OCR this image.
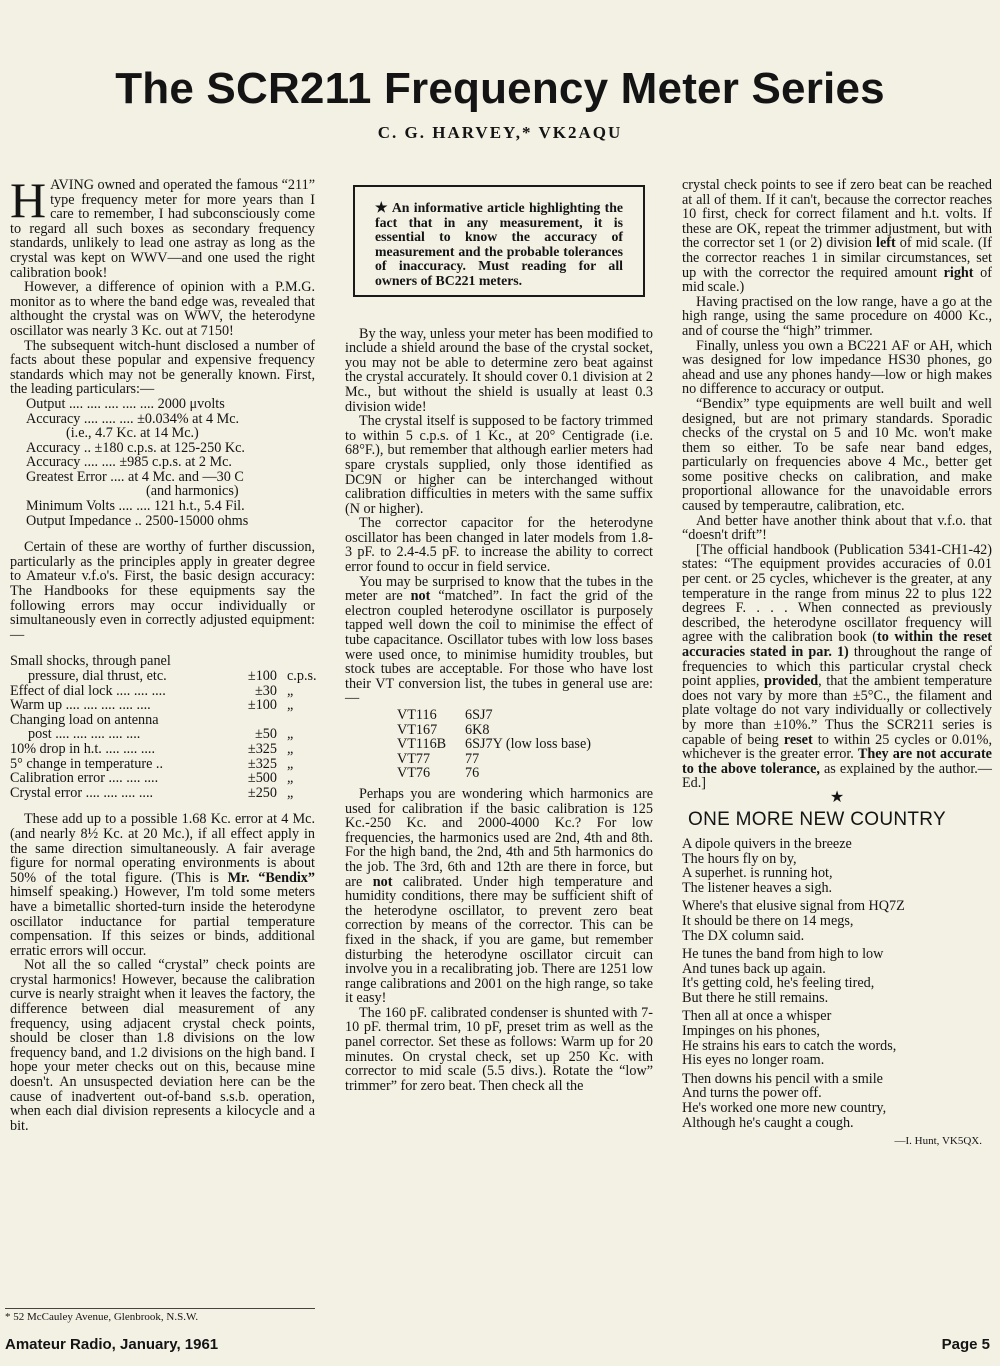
The SCR211 Frequency Meter Series
C. G. HARVEY,* VK2AQU

HAVING owned and operated the famous “211” type frequency meter for more years than I care to remember, I had subconsciously come to regard all such boxes as secondary frequency standards, unlikely to lead one astray as long as the crystal was kept on WWV—and one used the right calibration book!

However, a difference of opinion with a P.M.G. monitor as to where the band edge was, revealed that althought the crystal was on WWV, the heterodyne oscillator was nearly 3 Kc. out at 7150!

The subsequent witch-hunt disclosed a number of facts about these popular and expensive frequency standards which may not be generally known. First, the leading particulars:—

Output .... .... .... .... .... 2000 μvolts
Accuracy .... .... .... ±0.034% at 4 Mc.
(i.e., 4.7 Kc. at 14 Mc.)
Accuracy .. ±180 c.p.s. at 125-250 Kc.
Accuracy .... .... ±985 c.p.s. at 2 Mc.
Greatest Error .... at 4 Mc. and —30 C
(and harmonics)
Minimum Volts .... .... 121 h.t., 5.4 Fil.
Output Impedance .. 2500-15000 ohms

Certain of these are worthy of further discussion, particularly as the principles apply in greater degree to Amateur v.f.o's. First, the basic design accuracy: The Handbooks for these equipments say the following errors may occur individually or simultaneously even in correctly adjusted equipment:—

Small shocks, through panel
pressure, dial thrust, etc.	±100 c.p.s.
Effect of dial lock .... .... ....	±30 „
Warm up .... .... .... .... ....	±100 „
Changing load on antenna
post .... .... .... .... ....	±50 „
10% drop in h.t. .... .... ....	±325 „
5° change in temperature ..	±325 „
Calibration error .... .... ....	±500 „
Crystal error .... .... .... ....	±250 „

These add up to a possible 1.68 Kc. error at 4 Mc. (and nearly 8½ Kc. at 20 Mc.), if all effect apply in the same direction simultaneously. A fair average figure for normal operating environments is about 50% of the total figure. (This is Mr. “Bendix” himself speaking.) However, I'm told some meters have a bimetallic shorted-turn inside the heterodyne oscillator inductance for partial temperature compensation. If this seizes or binds, additional erratic errors will occur.

Not all the so called “crystal” check points are crystal harmonics! However, because the calibration curve is nearly straight when it leaves the factory, the difference between dial measurement of any frequency, using adjacent crystal check points, should be closer than 1.8 divisions on the low frequency band, and 1.2 divisions on the high band. I hope your meter checks out on this, because mine doesn't. An unsuspected deviation here can be the cause of inadvertent out-of-band s.s.b. operation, when each dial division represents a kilocycle and a bit.

* 52 McCauley Avenue, Glenbrook, N.S.W.
★ An informative article highlighting the fact that in any measurement, it is essential to know the accuracy of measurement and the probable tolerances of inaccuracy. Must reading for all owners of BC221 meters.

By the way, unless your meter has been modified to include a shield around the base of the crystal socket, you may not be able to determine zero beat against the crystal accurately. It should cover 0.1 division at 2 Mc., but without the shield is usually at least 0.3 division wide!

The crystal itself is supposed to be factory trimmed to within 5 c.p.s. of 1 Kc., at 20° Centigrade (i.e. 68°F.), but remember that although earlier meters had spare crystals supplied, only those identified as DC9N or higher can be interchanged without calibration difficulties in meters with the same suffix (N or higher).

The corrector capacitor for the heterodyne oscillator has been changed in later models from 1.8-3 pF. to 2.4-4.5 pF. to increase the ability to correct error found to occur in field service.

You may be surprised to know that the tubes in the meter are not “matched”. In fact the grid of the electron coupled heterodyne oscillator is purposely tapped well down the coil to minimise the effect of tube capacitance. Oscillator tubes with low loss bases were used once, to minimise humidity troubles, but stock tubes are acceptable. For those who have lost their VT conversion list, the tubes in general use are:—

VT116	6SJ7
VT167	6K8
VT116B	6SJ7Y (low loss base)
VT77	77
VT76	76

Perhaps you are wondering which harmonics are used for calibration if the basic calibration is 125 Kc.-250 Kc. and 2000-4000 Kc.? For low frequencies, the harmonics used are 2nd, 4th and 8th. For the high band, the 2nd, 4th and 5th harmonics do the job. The 3rd, 6th and 12th are there in force, but are not calibrated. Under high temperature and humidity conditions, there may be sufficient shift of the heterodyne oscillator, to prevent zero beat correction by means of the corrector. This can be fixed in the shack, if you are game, but remember disturbing the heterodyne oscillator circuit can involve you in a recalibrating job. There are 1251 low range calibrations and 2001 on the high range, so take it easy!

The 160 pF. calibrated condenser is shunted with 7-10 pF. thermal trim, 10 pF, preset trim as well as the panel corrector. Set these as follows: Warm up for 20 minutes. On crystal check, set up 250 Kc. with corrector to mid scale (5.5 divs.). Rotate the “low” trimmer” for zero beat. Then check all the

crystal check points to see if zero beat can be reached at all of them. If it can't, because the corrector reaches 10 first, check for correct filament and h.t. volts. If these are OK, repeat the trimmer adjustment, but with the corrector set 1 (or 2) division left of mid scale. (If the corrector reaches 1 in similar circumstances, set up with the corrector the required amount right of mid scale.)

Having practised on the low range, have a go at the high range, using the same procedure on 4000 Kc., and of course the “high” trimmer.

Finally, unless you own a BC221 AF or AH, which was designed for low impedance HS30 phones, go ahead and use any phones handy—low or high makes no difference to accuracy or output.

“Bendix” type equipments are well built and well designed, but are not primary standards. Sporadic checks of the crystal on 5 and 10 Mc. won't make them so either. To be safe near band edges, particularly on frequencies above 4 Mc., better get some positive checks on calibration, and make proportional allowance for the unavoidable errors caused by temperautre, calibration, etc.

And better have another think about that v.f.o. that “doesn't drift”!

[The official handbook (Publication 5341-CH1-42) states: “The equipment provides accuracies of 0.01 per cent. or 25 cycles, whichever is the greater, at any temperature in the range from minus 22 to plus 122 degrees F. . . . When connected as previously described, the heterodyne oscillator frequency will agree with the calibration book (to within the reset accuracies stated in par. 1) throughout the range of frequencies to which this particular crystal check point applies, provided, that the ambient temperature does not vary by more than ±5°C., the filament and plate voltage do not vary individually or collectively by more than ±10%.” Thus the SCR211 series is capable of being reset to within 25 cycles or 0.01%, whichever is the greater error. They are not accurate to the above tolerance, as explained by the author.—Ed.]

★
ONE MORE NEW COUNTRY
A dipole quivers in the breeze
The hours fly on by,
A superhet. is running hot,
The listener heaves a sigh.
Where's that elusive signal from HQ7Z
It should be there on 14 megs,
The DX column said.
He tunes the band from high to low
And tunes back up again.
It's getting cold, he's feeling tired,
But there he still remains.
Then all at once a whisper
Impinges on his phones,
He strains his ears to catch the words,
His eyes no longer roam.
Then downs his pencil with a smile
And turns the power off.
He's worked one more new country,
Although he's caught a cough.
—I. Hunt, VK5QX.
Amateur Radio, January, 1961	Page 5
